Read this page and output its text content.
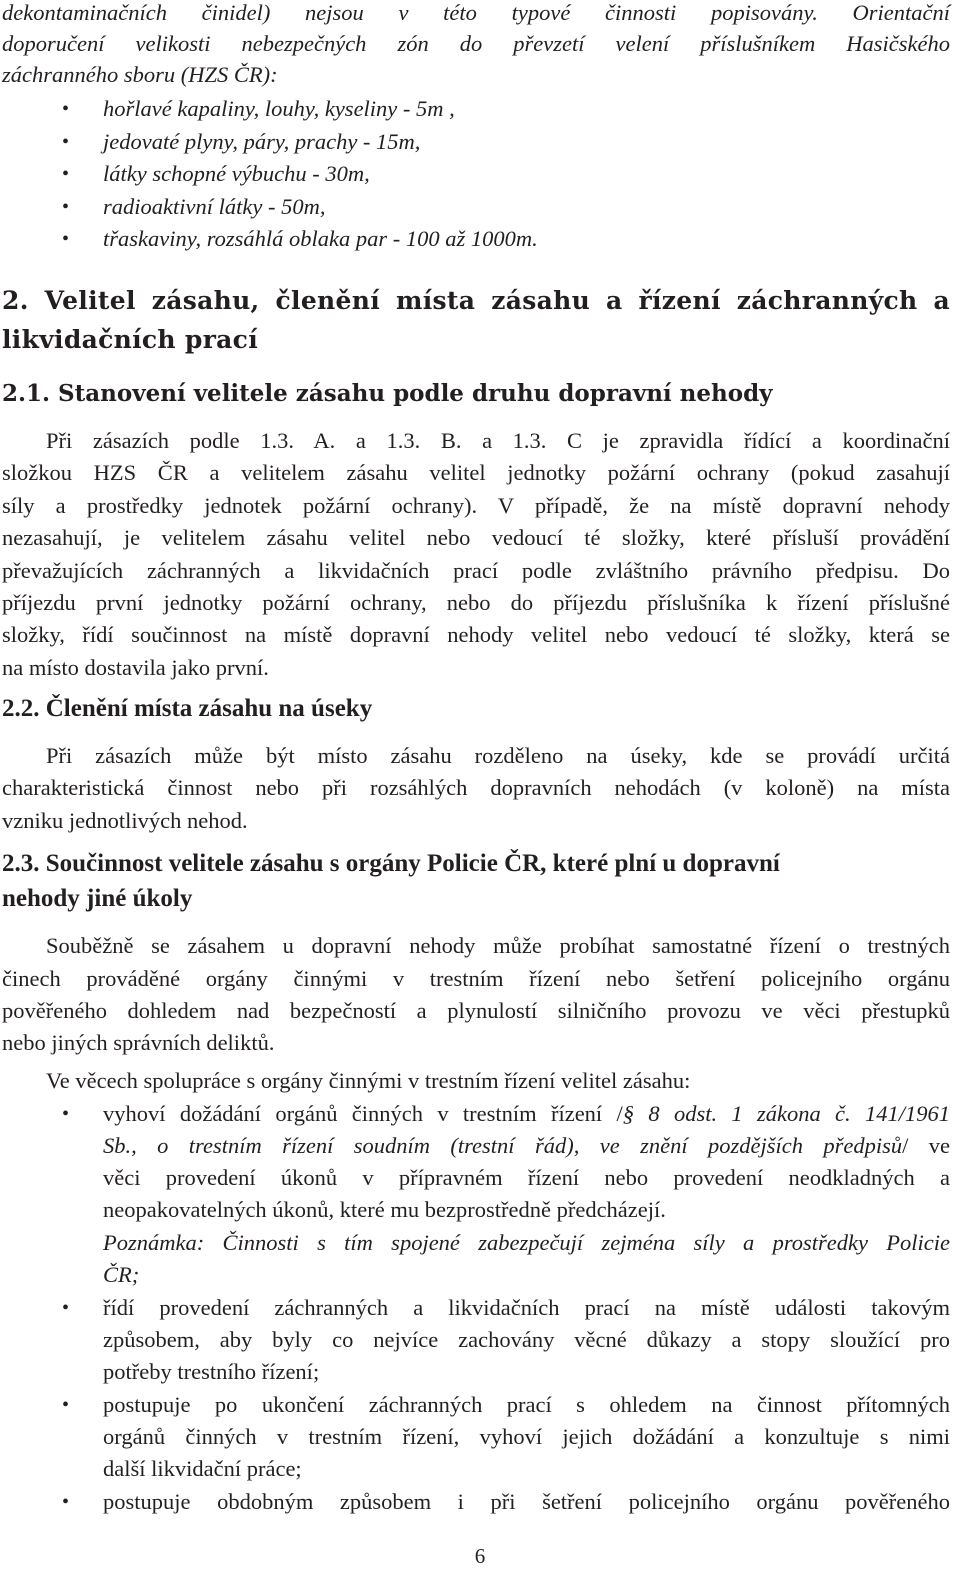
dekontaminačních činidel) nejsou v této typové činnosti popisovány. Orientační
doporučení velikosti nebezpečných zón do převzetí velení příslušníkem Hasičského
záchranného sboru (HZS ČR):
• hořlavé kapaliny, louhy, kyseliny - 5m ,
• jedovaté plyny, páry, prachy - 15m,
• látky schopné výbuchu - 30m,
• radioaktivní látky - 50m,
• třaskaviny, rozsáhlá oblaka par - 100 až 1000m.
2. Velitel zásahu, členění místa zásahu a řízení záchranných a
likvidačních prací
2.1. Stanovení velitele zásahu podle druhu dopravní nehody
Při zásazích podle 1.3. A. a 1.3. B. a 1.3. C je zpravidla řídící a koordinační
složkou HZS ČR a velitelem zásahu velitel jednotky požární ochrany (pokud zasahují
síly a prostředky jednotek požární ochrany). V případě, že na místě dopravní nehody
nezasahují, je velitelem zásahu velitel nebo vedoucí té složky, které přísluší provádění
převažujících záchranných a likvidačních prací podle zvláštního právního předpisu. Do
příjezdu první jednotky požární ochrany, nebo do příjezdu příslušníka k řízení příslušné
složky, řídí součinnost na místě dopravní nehody velitel nebo vedoucí té složky, která se
na místo dostavila jako první.
2.2. Členění místa zásahu na úseky
Při zásazích může být místo zásahu rozděleno na úseky, kde se provádí určitá
charakteristická činnost nebo při rozsáhlých dopravních nehodách (v koloně) na místa
vzniku jednotlivých nehod.
2.3. Součinnost velitele zásahu s orgány Policie ČR, které plní u dopravní
nehody jiné úkoly
Souběžně se zásahem u dopravní nehody může probíhat samostatné řízení o trestných
činech prováděné orgány činnými v trestním řízení nebo šetření policejního orgánu
pověřeného dohledem nad bezpečností a plynulostí silničního provozu ve věci přestupků
nebo jiných správních deliktů.
Ve věcech spolupráce s orgány činnými v trestním řízení velitel zásahu:
• vyhoví dožádání orgánů činných v trestním řízení /§ 8 odst. 1 zákona č. 141/1961
Sb., o trestním řízení soudním (trestní řád), ve znění pozdějších předpisů/ ve
věci provedení úkonů v přípravném řízení nebo provedení neodkladných a
neopakovatelných úkonů, které mu bezprostředně předcházejí.
Poznámka: Činnosti s tím spojené zabezpečují zejména síly a prostředky Policie
ČR;
• řídí provedení záchranných a likvidačních prací na místě události takovým
způsobem, aby byly co nejvíce zachovány věcné důkazy a stopy sloužící pro
potřeby trestního řízení;
• postupuje po ukončení záchranných prací s ohledem na činnost přítomných
orgánů činných v trestním řízení, vyhoví jejich dožádání a konzultuje s nimi
další likvidační práce;
• postupuje obdobným způsobem i při šetření policejního orgánu pověřeného
6
